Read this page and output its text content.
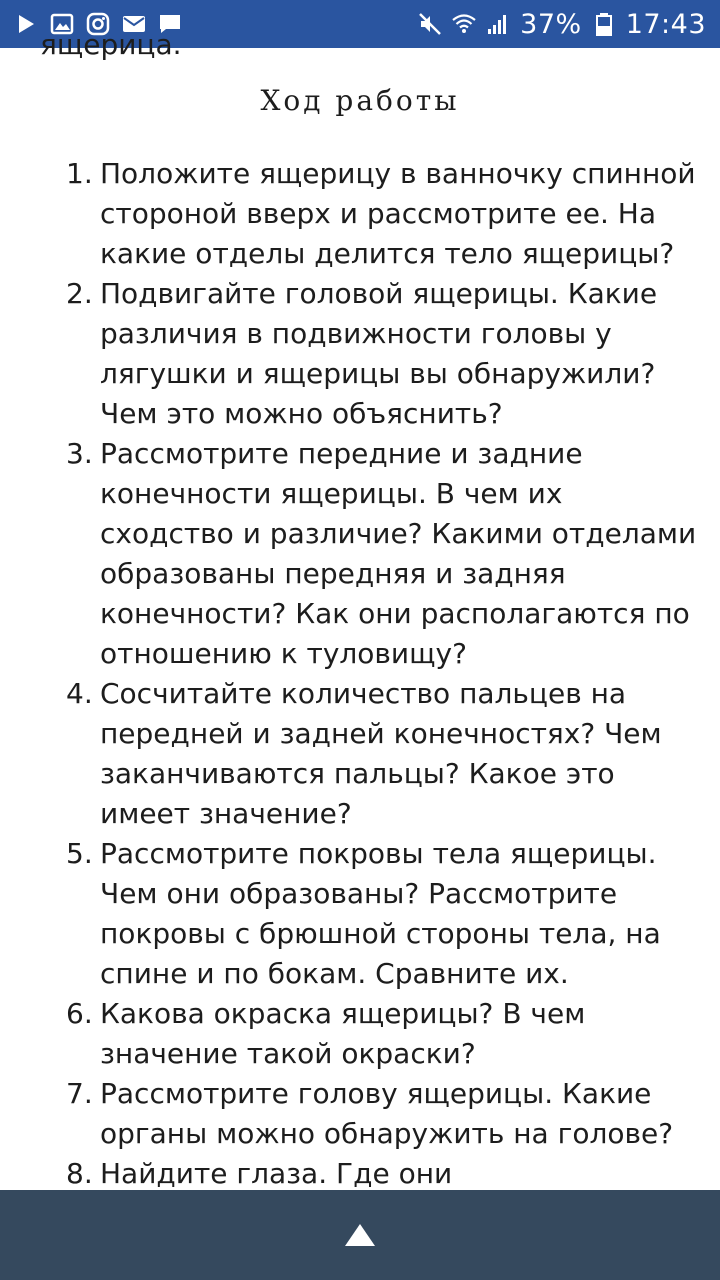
37% 17:43
ящерица.
Ход работы
1. Положите ящерицу в ванночку спинной стороной вверх и рассмотрите ее. На какие отделы делится тело ящерицы?
2. Подвигайте головой ящерицы. Какие различия в подвижности головы у лягушки и ящерицы вы обнаружили? Чем это можно объяснить?
3. Рассмотрите передние и задние конечности ящерицы. В чем их сходство и различие? Какими отделами образованы передняя и задняя конечности? Как они располагаются по отношению к туловищу?
4. Сосчитайте количество пальцев на передней и задней конечностях? Чем заканчиваются пальцы? Какое это имеет значение?
5. Рассмотрите покровы тела ящерицы. Чем они образованы? Рассмотрите покровы с брюшной стороны тела, на спине и по бокам. Сравните их.
6. Какова окраска ящерицы? В чем значение такой окраски?
7. Рассмотрите голову ящерицы. Какие органы можно обнаружить на голове?
8. Найдите глаза. Где они
